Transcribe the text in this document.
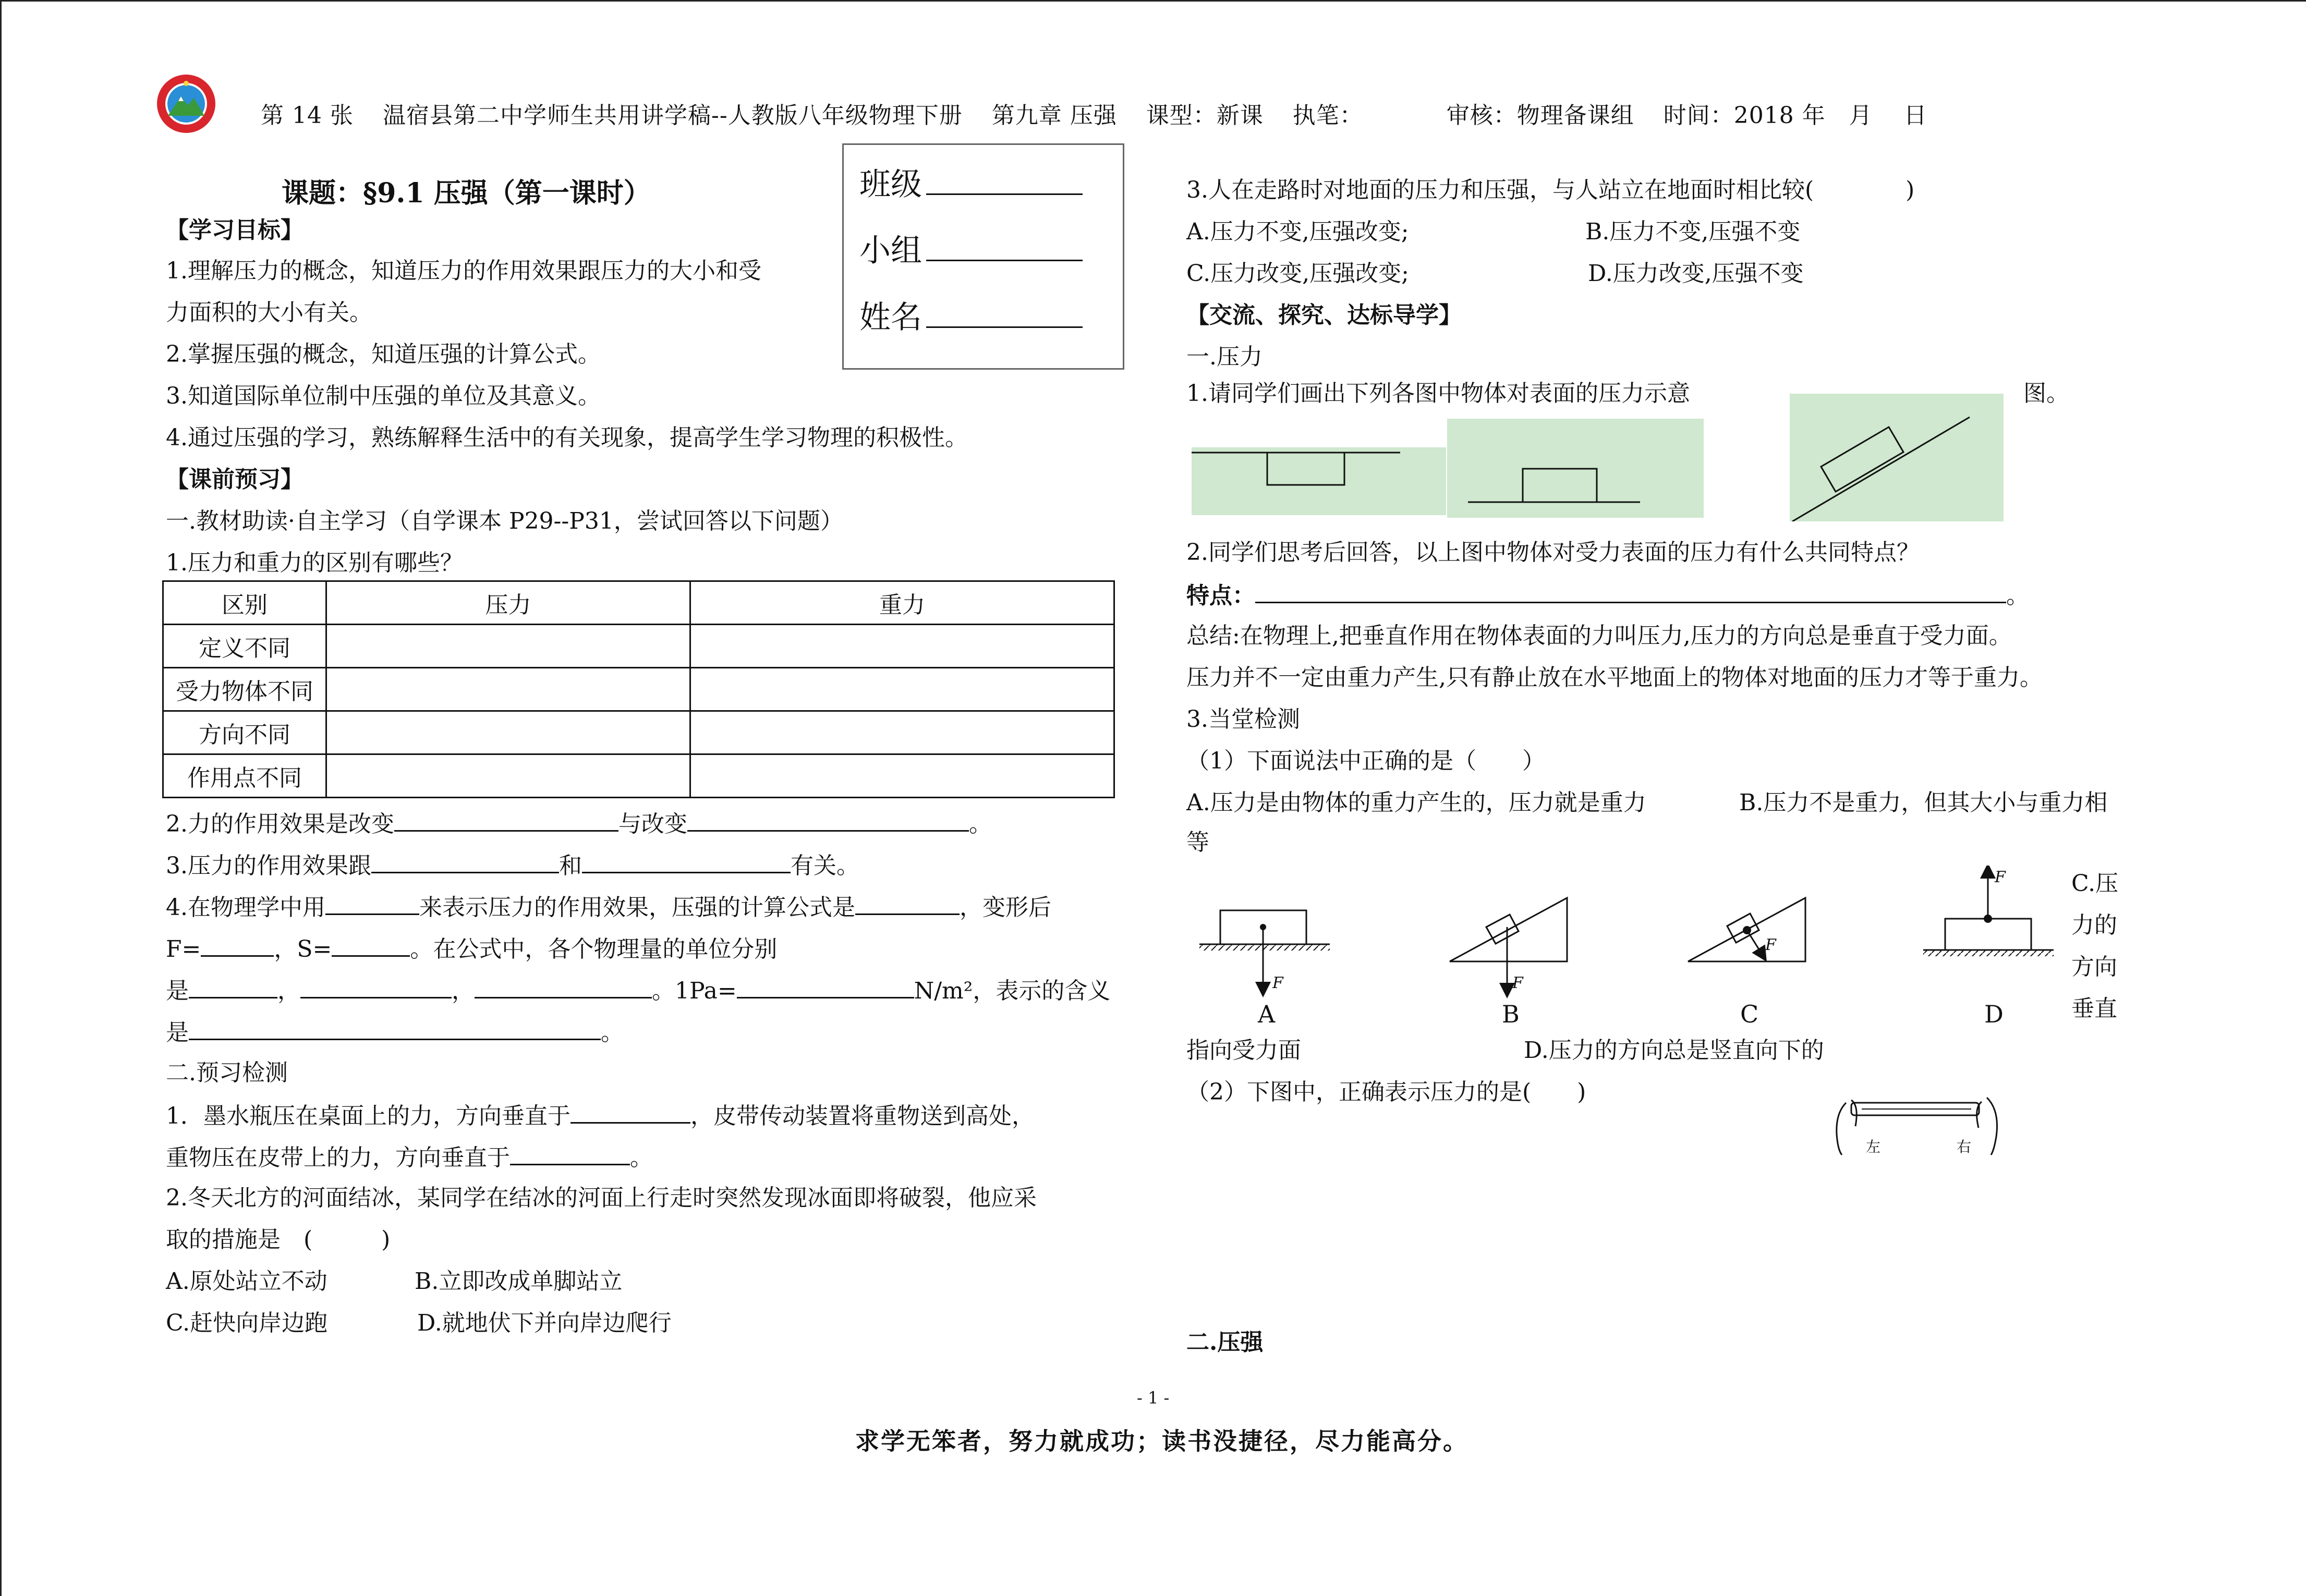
第 14 张 温宿县第二中学师生共用讲学稿--人教版八年级物理下册 第九章 压强 课型：新课 执笔：	审核：物理备课组 时间：2018 年　月　 日
课题：§9.1 压强（第一课时）
【学习目标】
1.理解压力的概念，知道压力的作用效果跟压力的大小和受
力面积的大小有关。
2.掌握压强的概念，知道压强的计算公式。
3.知道国际单位制中压强的单位及其意义。
4.通过压强的学习，熟练解释生活中的有关现象，提高学生学习物理的积极性。
【课前预习】
一.教材助读·自主学习（自学课本 P29--P31，尝试回答以下问题）
1.压力和重力的区别有哪些？
区别	压力	重力
定义不同		
受力物体不同		
方向不同		
作用点不同		
2.力的作用效果是改变	与改变	。
3.压力的作用效果跟	和	有关。
4.在物理学中用	来表示压力的作用效果，压强的计算公式是	，变形后
F=	，S=	。在公式中，各个物理量的单位分别
是	，	，	。1Pa=	N/m²，表示的含义
是	。
二.预习检测
1．墨水瓶压在桌面上的力，方向垂直于	，皮带传动装置将重物送到高处，
重物压在皮带上的力，方向垂直于	。
2.冬天北方的河面结冰，某同学在结冰的河面上行走时突然发现冰面即将破裂，他应采
取的措施是　(　　　)
A.原处站立不动	B.立即改成单脚站立
C.赶快向岸边跑	D.就地伏下并向岸边爬行
班级
小组
姓名
3.人在走路时对地面的压力和压强，与人站立在地面时相比较(　　　　)
A.压力不变,压强改变;	B.压力不变,压强不变
C.压力改变,压强改变;	D.压力改变,压强不变
【交流、探究、达标导学】
一.压力
1.请同学们画出下列各图中物体对表面的压力示意	图。
2.同学们思考后回答，以上图中物体对受力表面的压力有什么共同特点？
特点：	。
总结:在物理上,把垂直作用在物体表面的力叫压力,压力的方向总是垂直于受力面。
压力并不一定由重力产生,只有静止放在水平地面上的物体对地面的压力才等于重力。
3.当堂检测
（1）下面说法中正确的是（　　）
A.压力是由物体的重力产生的，压力就是重力	B.压力不是重力，但其大小与重力相
等
F	F
F
F
A	B	C	D
C.压
力的
方向
垂直
指向受力面	D.压力的方向总是竖直向下的
（2）下图中，正确表示压力的是(　　)
左	右
二.压强
- 1 -
求学无笨者，努力就成功；读书没捷径，尽力能高分。
